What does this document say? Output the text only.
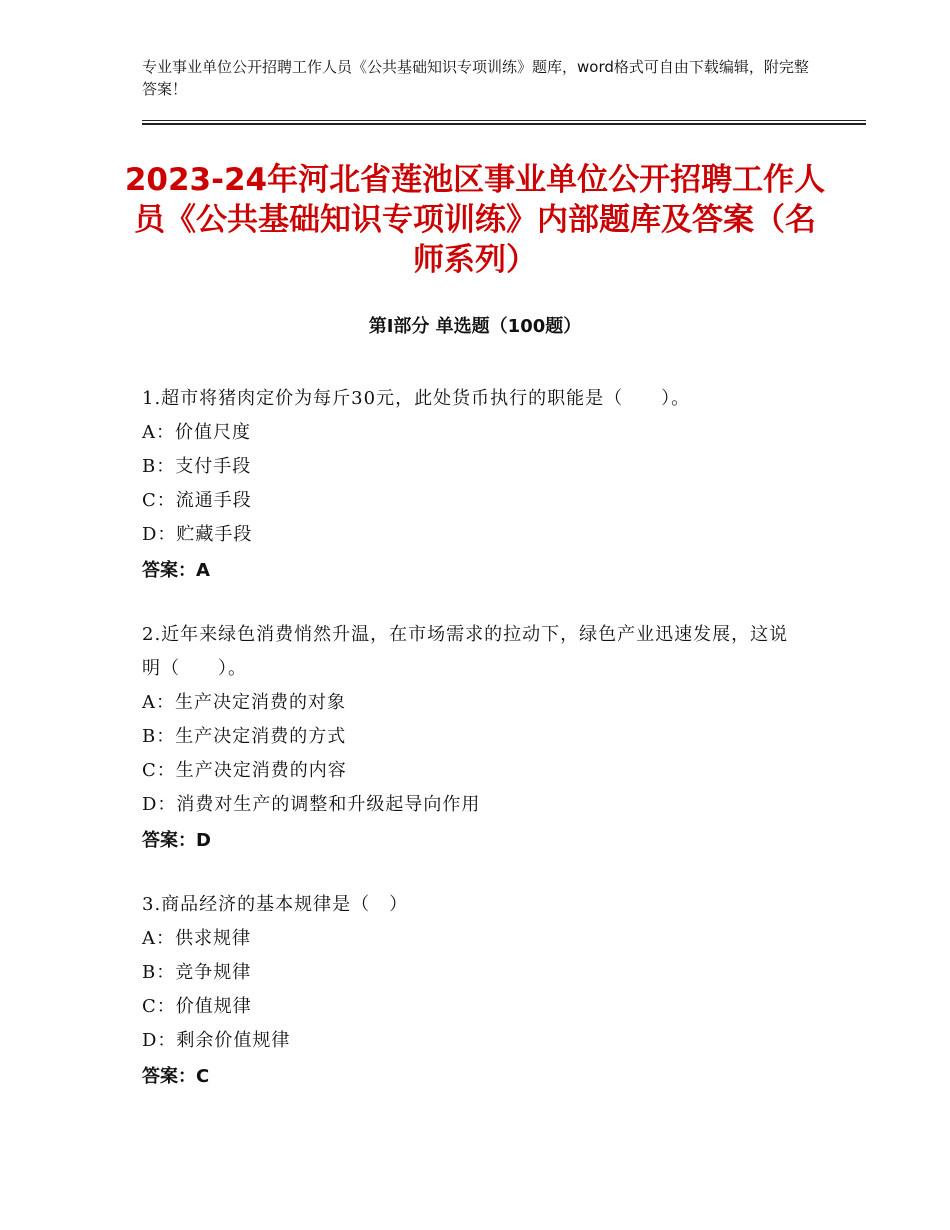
专业事业单位公开招聘工作人员《公共基础知识专项训练》题库，word格式可自由下载编辑，附完整答案！
2023-24年河北省莲池区事业单位公开招聘工作人员《公共基础知识专项训练》内部题库及答案（名师系列）
第Ⅰ部分 单选题（100题）
1.超市将猪肉定价为每斤30元，此处货币执行的职能是（　　）。
A：价值尺度
B：支付手段
C：流通手段
D：贮藏手段
答案：A
2.近年来绿色消费悄然升温，在市场需求的拉动下，绿色产业迅速发展，这说明（　　）。
A：生产决定消费的对象
B：生产决定消费的方式
C：生产决定消费的内容
D：消费对生产的调整和升级起导向作用
答案：D
3.商品经济的基本规律是（　）
A：供求规律
B：竞争规律
C：价值规律
D：剩余价值规律
答案：C
